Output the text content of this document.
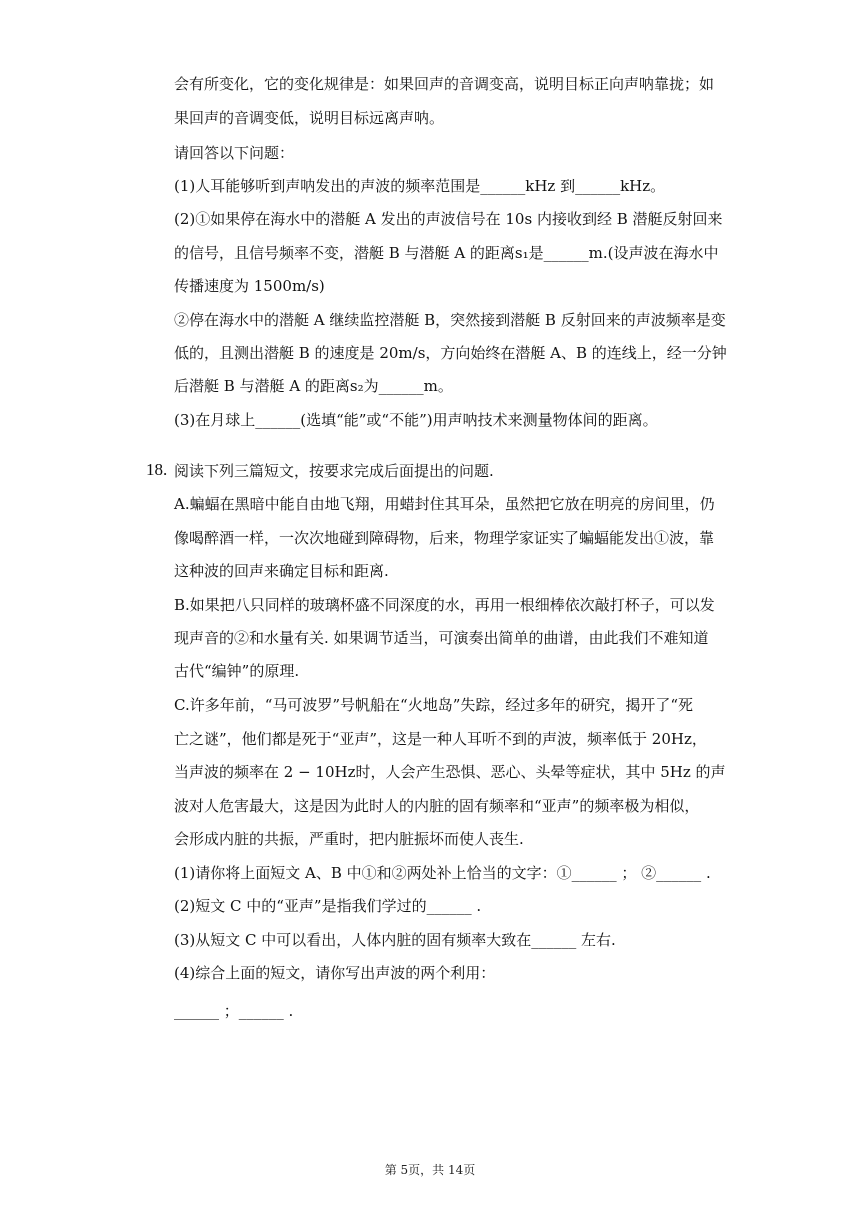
会有所变化，它的变化规律是：如果回声的音调变高，说明目标正向声呐靠拢；如
果回声的音调变低，说明目标远离声呐。
请回答以下问题：
(1)人耳能够听到声呐发出的声波的频率范围是______kHz 到______kHz。
(2)①如果停在海水中的潜艇 A 发出的声波信号在 10s 内接收到经 B 潜艇反射回来
的信号，且信号频率不变，潜艇 B 与潜艇 A 的距离s₁是______m.(设声波在海水中
传播速度为 1500m/s)
②停在海水中的潜艇 A 继续监控潜艇 B，突然接到潜艇 B 反射回来的声波频率是变
低的，且测出潜艇 B 的速度是 20m/s，方向始终在潜艇 A、B 的连线上，经一分钟
后潜艇 B 与潜艇 A 的距离s₂为______m。
(3)在月球上______(选填“能”或“不能”)用声呐技术来测量物体间的距离。
18. 阅读下列三篇短文，按要求完成后面提出的问题.
A.蝙蝠在黑暗中能自由地飞翔，用蜡封住其耳朵，虽然把它放在明亮的房间里，仍
像喝醉酒一样，一次次地碰到障碍物，后来，物理学家证实了蝙蝠能发出①波，靠
这种波的回声来确定目标和距离.
B.如果把八只同样的玻璃杯盛不同深度的水，再用一根细棒依次敲打杯子，可以发
现声音的②和水量有关. 如果调节适当，可演奏出简单的曲谱，由此我们不难知道
古代“编钟”的原理.
C.许多年前，“马可波罗”号帆船在“火地岛”失踪，经过多年的研究，揭开了“死
亡之谜”，他们都是死于“亚声”，这是一种人耳听不到的声波，频率低于 20Hz，
当声波的频率在 2 − 10Hz时，人会产生恐惧、恶心、头晕等症状，其中 5Hz 的声
波对人危害最大，这是因为此时人的内脏的固有频率和“亚声”的频率极为相似，
会形成内脏的共振，严重时，把内脏振坏而使人丧生.
(1)请你将上面短文 A、B 中①和②两处补上恰当的文字：①______ ； ②______ .
(2)短文 C 中的“亚声”是指我们学过的______ .
(3)从短文 C 中可以看出，人体内脏的固有频率大致在______ 左右.
(4)综合上面的短文，请你写出声波的两个利用：
______ ；______ .
第 5页，共 14页
